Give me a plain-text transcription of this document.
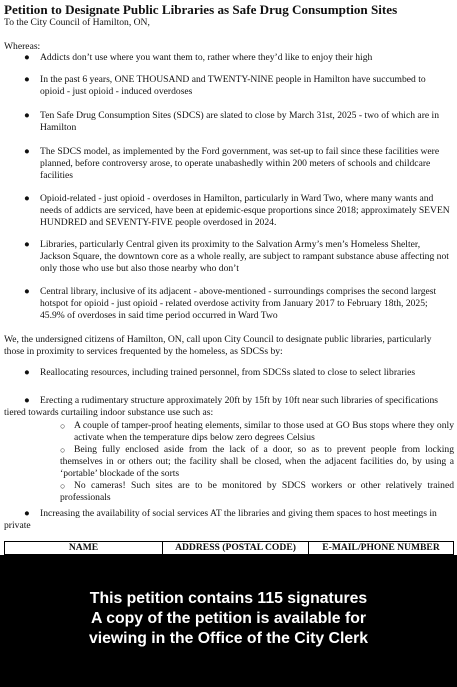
Petition to Designate Public Libraries as Safe Drug Consumption Sites
To the City Council of Hamilton, ON,
Whereas:
● Addicts don’t use where you want them to, rather where they’d like to enjoy their high
● In the past 6 years, ONE THOUSAND and TWENTY-NINE people in Hamilton have succumbed to opioid - just opioid - induced overdoses
● Ten Safe Drug Consumption Sites (SDCS) are slated to close by March 31st, 2025 - two of which are in Hamilton
● The SDCS model, as implemented by the Ford government, was set-up to fail since these facilities were planned, before controversy arose, to operate unabashedly within 200 meters of schools and childcare facilities
● Opioid-related - just opioid - overdoses in Hamilton, particularly in Ward Two, where many wants and needs of addicts are serviced, have been at epidemic-esque proportions since 2018; approximately SEVEN HUNDRED and SEVENTY-FIVE people overdosed in 2024.
● Libraries, particularly Central given its proximity to the Salvation Army’s men’s Homeless Shelter, Jackson Square, the downtown core as a whole really, are subject to rampant substance abuse affecting not only those who use but also those nearby who don’t
● Central library, inclusive of its adjacent - above-mentioned - surroundings comprises the second largest hotspot for opioid - just opioid - related overdose activity from January 2017 to February 18th, 2025; 45.9% of overdoses in said time period occurred in Ward Two
We, the undersigned citizens of Hamilton, ON, call upon City Council to designate public libraries, particularly those in proximity to services frequented by the homeless, as SDCSs by:
● Reallocating resources, including trained personnel, from SDCSs slated to close to select libraries
●	Erecting a rudimentary structure approximately 20ft by 15ft by 10ft near such libraries of specifications tiered towards curtailing indoor substance use such as:
○ A couple of tamper-proof heating elements, similar to those used at GO Bus stops where they only activate when the temperature dips below zero degrees Celsius
○ Being fully enclosed aside from the lack of a door, so as to prevent people from locking themselves in or others out; the facility shall be closed, when the adjacent facilities do, by using a ‘portable’ blockade of the sorts
○ No cameras! Such sites are to be monitored by SDCS workers or other relatively trained professionals
●	Increasing the availability of social services AT the libraries and giving them spaces to host meetings in private
NAME	ADDRESS (POSTAL CODE)	E-MAIL/PHONE NUMBER
This petition contains 115 signatures
A copy of the petition is available for
viewing in the Office of the City Clerk
